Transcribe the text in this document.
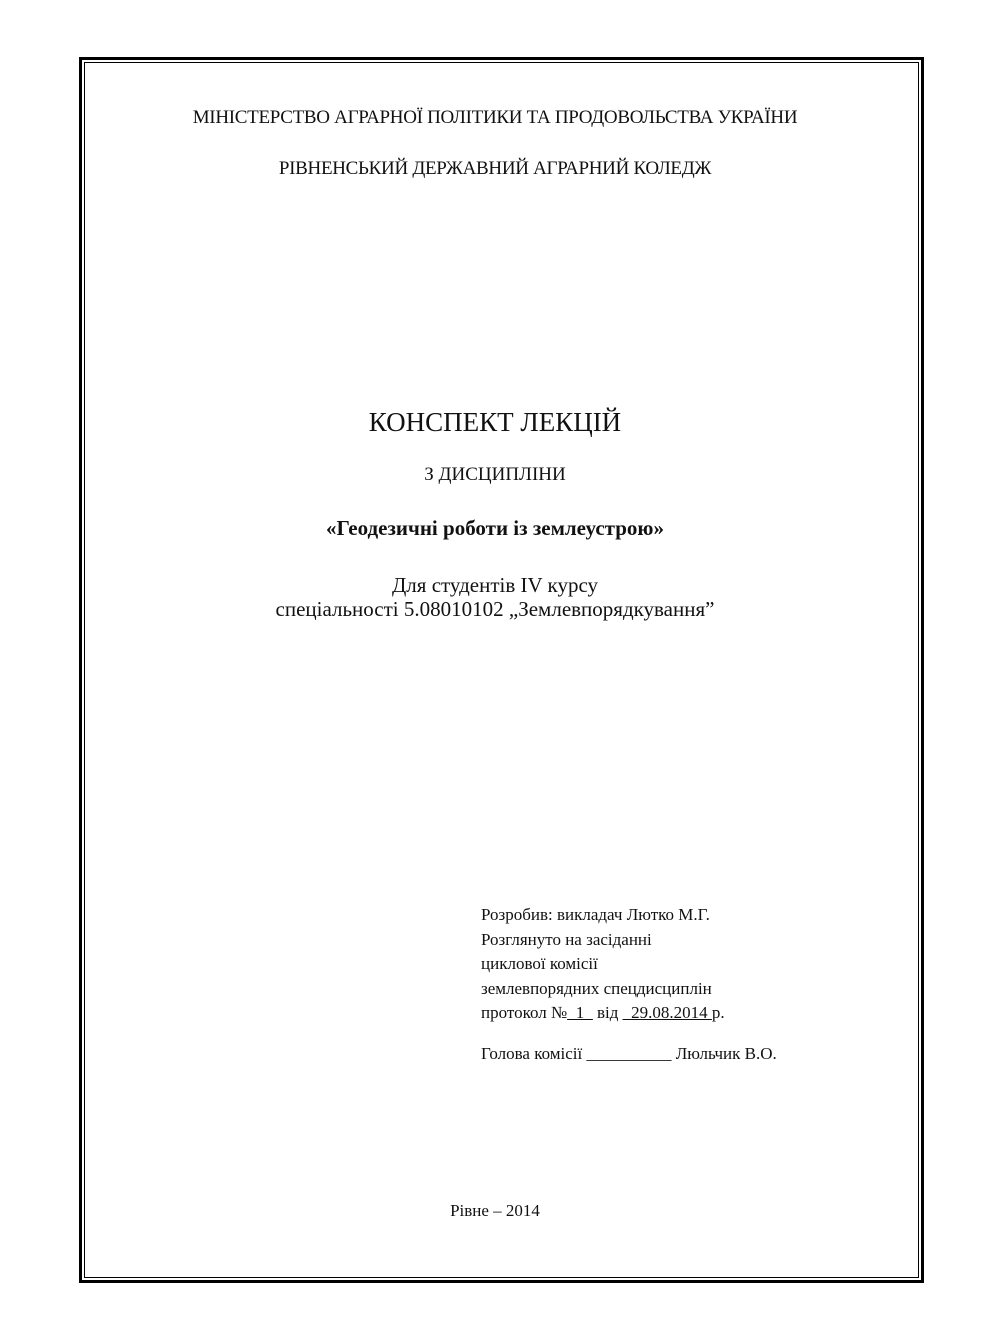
МІНІСТЕРСТВО АГРАРНОЇ ПОЛІТИКИ ТА ПРОДОВОЛЬСТВА УКРАЇНИ
РІВНЕНСЬКИЙ ДЕРЖАВНИЙ АГРАРНИЙ КОЛЕДЖ
КОНСПЕКТ ЛЕКЦІЙ
З ДИСЦИПЛІНИ
«Геодезичні роботи із землеустрою»
Для студентів IV курсу
спеціальності 5.08010102 „Землевпорядкування”
Розробив: викладач Лютко М.Г.
Розглянуто на засіданні
циклової комісії
землевпорядних спецдисциплін
протокол №_1_ від _29.08.2014 р.
Голова комісії __________ Люльчик В.О.
Рівне – 2014
